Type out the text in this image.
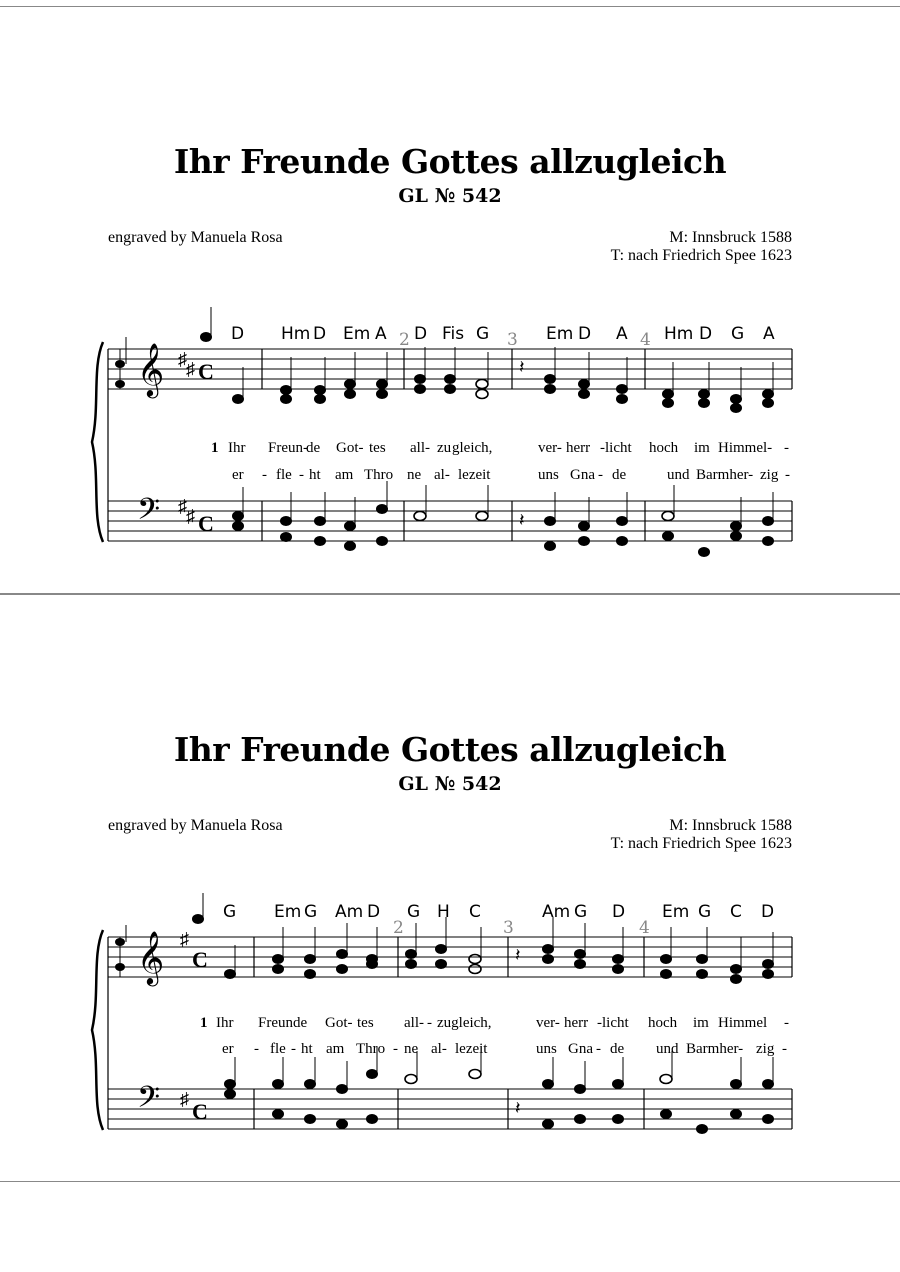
Ihr Freunde Gottes allzugleich
GL № 542
engraved by Manuela Rosa	M: Innsbruck 1588
T: nach Friedrich Spee 1623
𝄞 ♯ ♯ C
𝄢 ♯ ♯ C
D Hm D Em A D Fis G	Em D A Hm D G A
2	3	4
𝄽
𝄽
1 Ihr Freun-
de Got- tes all- zu gleich,	ver- herr -licht hoch im Himmel- -
er - fle - ht am Thro ne al- lezeit	uns Gna - de	und Barmher- zig -
Ihr Freunde Gottes allzugleich
GL № 542
engraved by Manuela Rosa	M: Innsbruck 1588
T: nach Friedrich Spee 1623
𝄞 ♯
C
𝄢 ♯ C
G Em G Am D G H C	Am G D Em G C D
2	3	4
𝄽
𝄽
1 Ihr Freunde Got- tes all- - zugleich,	ver- herr -licht hoch im Himmel -
er - fle - ht am Thro - ne al- lezeit	uns Gna - de und Barmher- zig -
